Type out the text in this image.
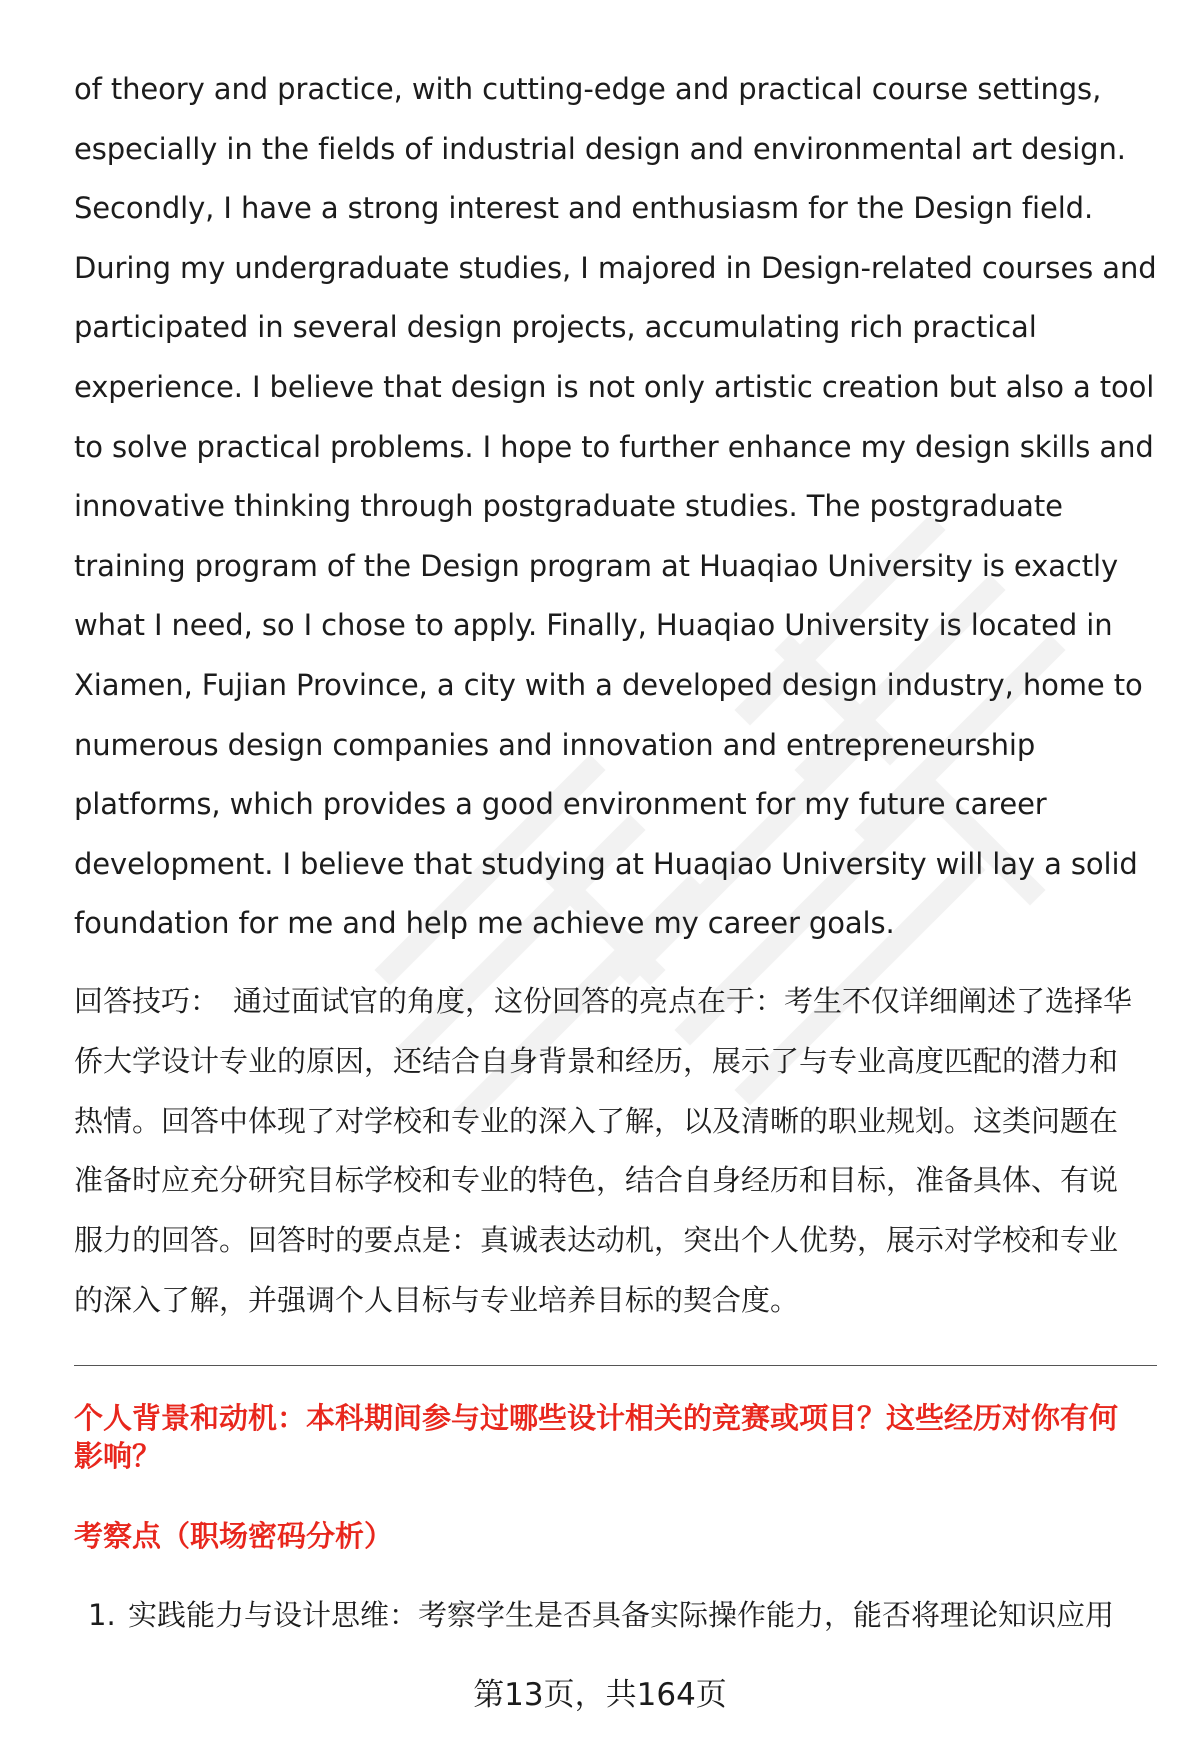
of theory and practice, with cutting-edge and practical course settings,
especially in the fields of industrial design and environmental art design.
Secondly, I have a strong interest and enthusiasm for the Design field.
During my undergraduate studies, I majored in Design-related courses and
participated in several design projects, accumulating rich practical
experience. I believe that design is not only artistic creation but also a tool
to solve practical problems. I hope to further enhance my design skills and
innovative thinking through postgraduate studies. The postgraduate
training program of the Design program at Huaqiao University is exactly
what I need, so I chose to apply. Finally, Huaqiao University is located in
Xiamen, Fujian Province, a city with a developed design industry, home to
numerous design companies and innovation and entrepreneurship
platforms, which provides a good environment for my future career
development. I believe that studying at Huaqiao University will lay a solid
foundation for me and help me achieve my career goals.

回答技巧： 通过面试官的角度，这份回答的亮点在于：考生不仅详细阐述了选择华
侨大学设计专业的原因，还结合自身背景和经历，展示了与专业高度匹配的潜力和
热情。回答中体现了对学校和专业的深入了解，以及清晰的职业规划。这类问题在
准备时应充分研究目标学校和专业的特色，结合自身经历和目标，准备具体、有说
服力的回答。回答时的要点是：真诚表达动机，突出个人优势，展示对学校和专业
的深入了解，并强调个人目标与专业培养目标的契合度。
个人背景和动机：本科期间参与过哪些设计相关的竞赛或项目？这些经历对你有何
影响？
考察点（职场密码分析）
1. 实践能力与设计思维：考察学生是否具备实际操作能力，能否将理论知识应用
第13页，共164页
